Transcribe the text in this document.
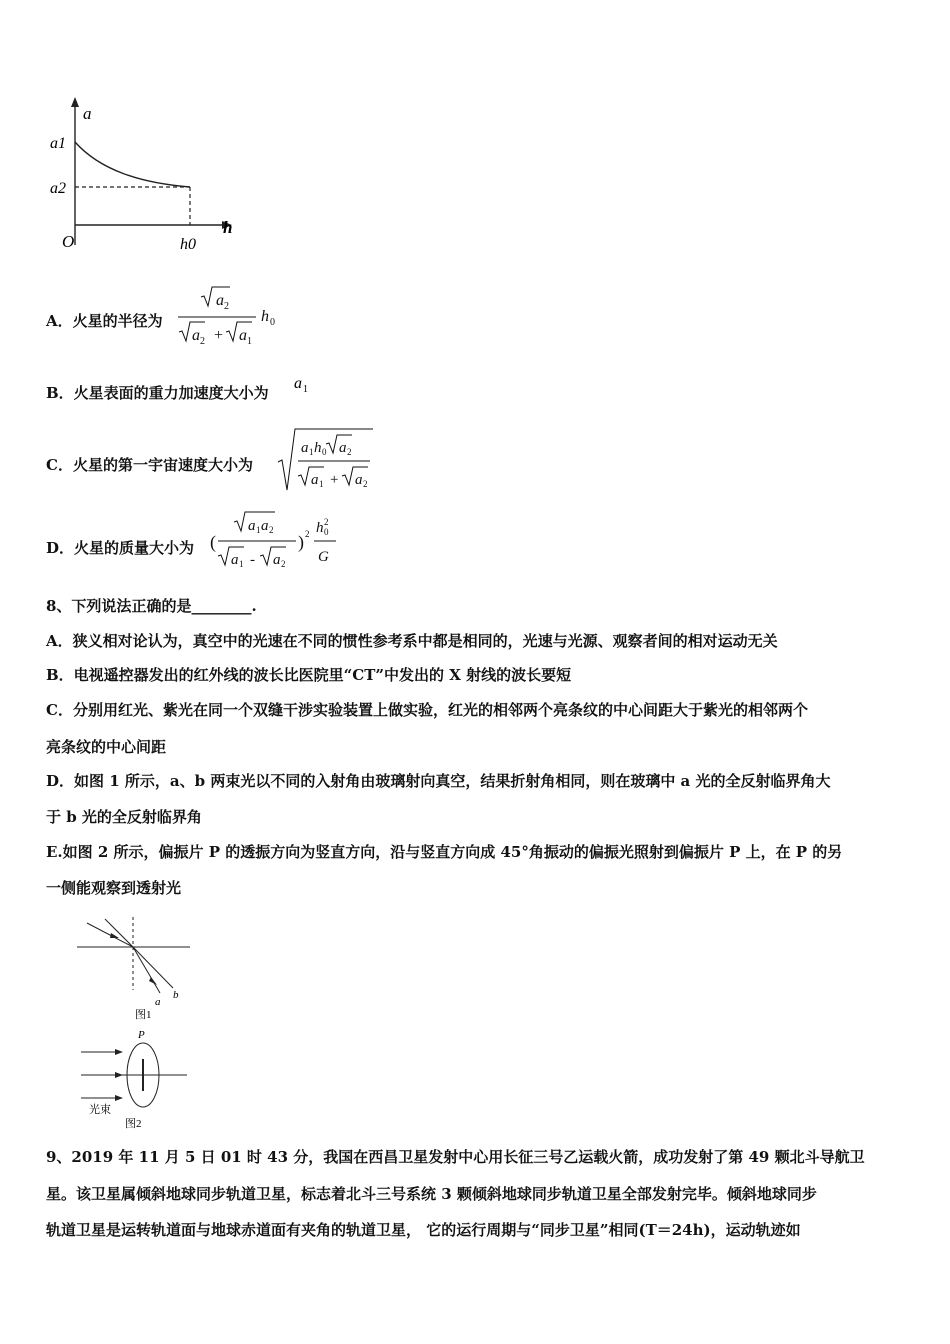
a
h
O
a1
a2
h0
A．火星的半径为
a 2
a 2 + a 1
h 0
B．火星表面的重力加速度大小为
a 1
C．火星的第一宇宙速度大小为
a 1 h 0 a 2
a 1 + a 2
D．火星的质量大小为 (
a 1 a 2
a 1 - a 2
) 2 h 0
2
G
8、下列说法正确的是________.
A．狭义相对论认为，真空中的光速在不同的惯性参考系中都是相同的，光速与光源、观察者间的相对运动无关
B．电视遥控器发出的红外线的波长比医院里“CT”中发出的 X 射线的波长要短
C．分别用红光、紫光在同一个双缝干涉实验装置上做实验，红光的相邻两个亮条纹的中心间距大于紫光的相邻两个
亮条纹的中心间距
D．如图 1 所示，a、b 两束光以不同的入射角由玻璃射向真空，结果折射角相同，则在玻璃中 a 光的全反射临界角大
于 b 光的全反射临界角
E.如图 2 所示，偏振片 P 的透振方向为竖直方向，沿与竖直方向成 45°角振动的偏振光照射到偏振片 P 上，在 P 的另
一侧能观察到透射光
a
b
图1
P
光束
图2
9、2019 年 11 月 5 日 01 时 43 分，我国在西昌卫星发射中心用长征三号乙运载火箭，成功发射了第 49 颗北斗导航卫
星。该卫星属倾斜地球同步轨道卫星，标志着北斗三号系统 3 颗倾斜地球同步轨道卫星全部发射完毕。倾斜地球同步
轨道卫星是运转轨道面与地球赤道面有夹角的轨道卫星， 它的运行周期与“同步卫星”相同(T＝24h)，运动轨迹如
